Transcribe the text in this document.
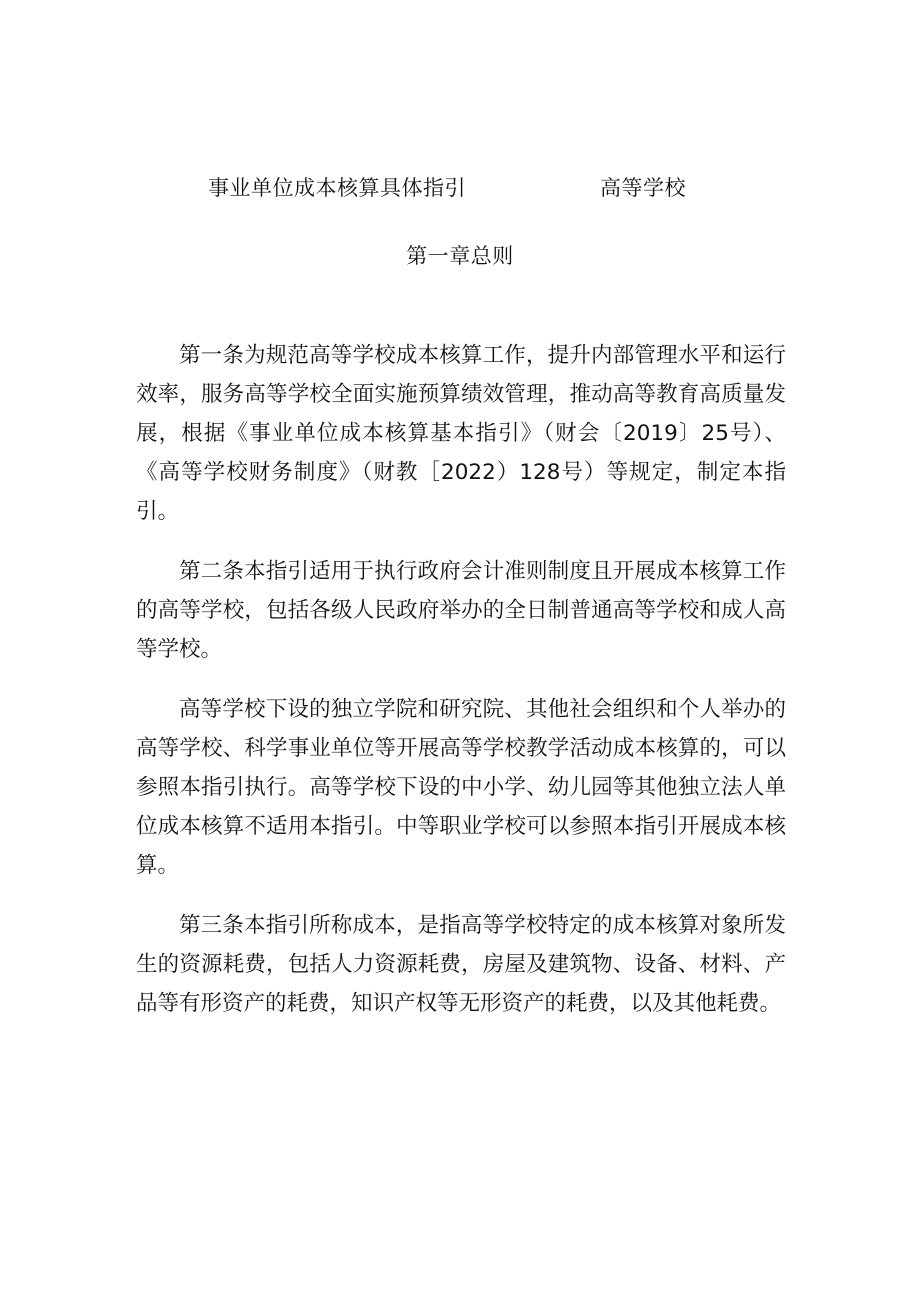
事业单位成本核算具体指引	高等学校
第一章总则

第一条为规范高等学校成本核算工作，提升内部管理水平和运行效率，服务高等学校全面实施预算绩效管理，推动高等教育高质量发展，根据《事业单位成本核算基本指引》（财会〔2019〕25号）、《高等学校财务制度》（财教［2022）128号）等规定，制定本指引。

第二条本指引适用于执行政府会计准则制度且开展成本核算工作的高等学校，包括各级人民政府举办的全日制普通高等学校和成人高等学校。

高等学校下设的独立学院和研究院、其他社会组织和个人举办的高等学校、科学事业单位等开展高等学校教学活动成本核算的，可以参照本指引执行。高等学校下设的中小学、幼儿园等其他独立法人单位成本核算不适用本指引。中等职业学校可以参照本指引开展成本核算。

第三条本指引所称成本，是指高等学校特定的成本核算对象所发生的资源耗费，包括人力资源耗费，房屋及建筑物、设备、材料、产品等有形资产的耗费，知识产权等无形资产的耗费，以及其他耗费。
